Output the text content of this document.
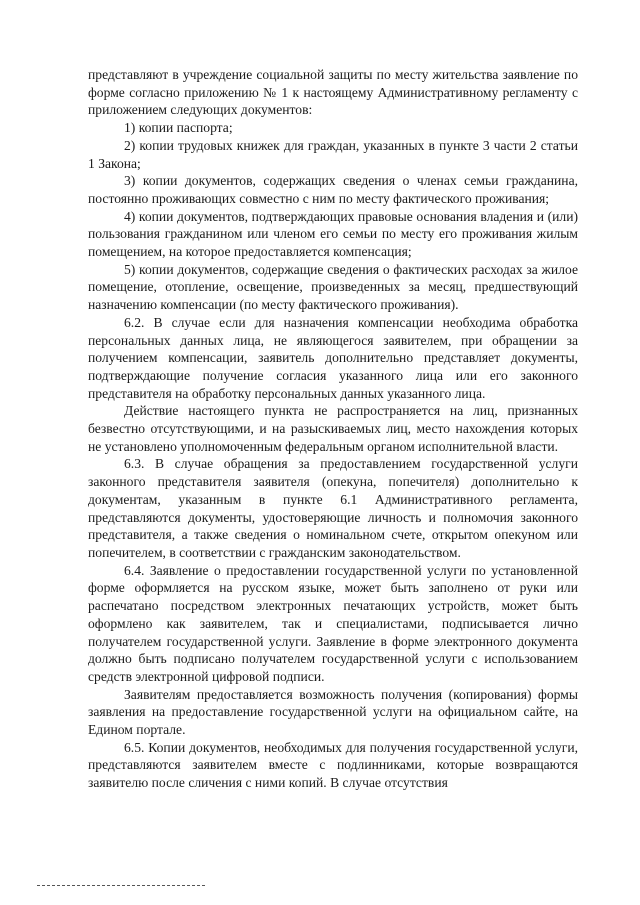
представляют в учреждение социальной защиты по месту жительства заявление по форме согласно приложению № 1 к настоящему Административному регламенту с приложением следующих документов:

1) копии паспорта;

2) копии трудовых книжек для граждан, указанных в пункте 3 части 2 статьи 1 Закона;

3) копии документов, содержащих сведения о членах семьи гражданина, постоянно проживающих совместно с ним по месту фактического проживания;

4) копии документов, подтверждающих правовые основания владения и (или) пользования гражданином или членом его семьи по месту его проживания жилым помещением, на которое предоставляется компенсация;

5) копии документов, содержащие сведения о фактических расходах за жилое помещение, отопление, освещение, произведенных за месяц, предшествующий назначению компенсации (по месту фактического проживания).

6.2. В случае если для назначения компенсации необходима обработка персональных данных лица, не являющегося заявителем, при обращении за получением компенсации, заявитель дополнительно представляет документы, подтверждающие получение согласия указанного лица или его законного представителя на обработку персональных данных указанного лица.

Действие настоящего пункта не распространяется на лиц, признанных безвестно отсутствующими, и на разыскиваемых лиц, место нахождения которых не установлено уполномоченным федеральным органом исполнительной власти.

6.3. В случае обращения за предоставлением государственной услуги законного представителя заявителя (опекуна, попечителя) дополнительно к документам, указанным в пункте 6.1 Административного регламента, представляются документы, удостоверяющие личность и полномочия законного представителя, а также сведения о номинальном счете, открытом опекуном или попечителем, в соответствии с гражданским законодательством.

6.4. Заявление о предоставлении государственной услуги по установленной форме оформляется на русском языке, может быть заполнено от руки или распечатано посредством электронных печатающих устройств, может быть оформлено как заявителем, так и специалистами, подписывается лично получателем государственной услуги. Заявление в форме электронного документа должно быть подписано получателем государственной услуги с использованием средств электронной цифровой подписи.

Заявителям предоставляется возможность получения (копирования) формы заявления на предоставление государственной услуги на официальном сайте, на Едином портале.

6.5. Копии документов, необходимых для получения государственной услуги, представляются заявителем вместе с подлинниками, которые возвращаются заявителю после сличения с ними копий. В случае отсутствия
